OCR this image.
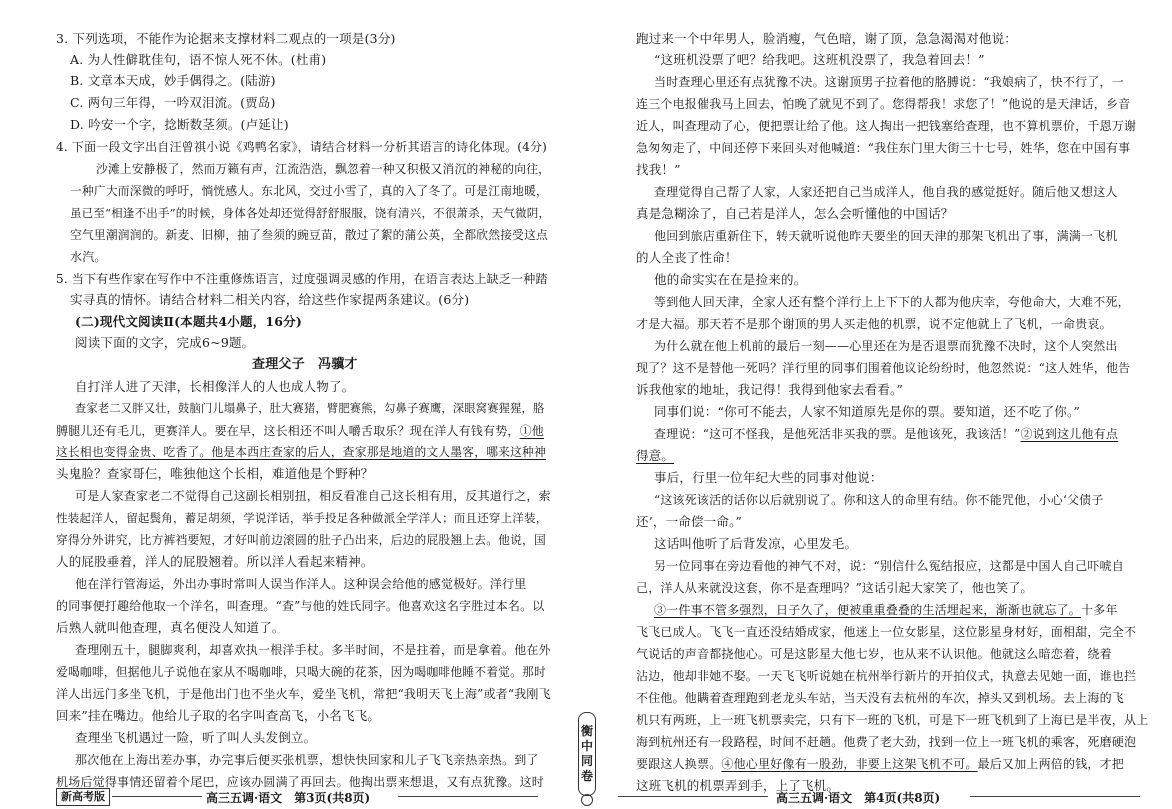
3. 下列选项，不能作为论据来支撑材料二观点的一项是(3分)
A. 为人性僻耽佳句，语不惊人死不休。(杜甫)
B. 文章本天成，妙手偶得之。(陆游)
C. 两句三年得，一吟双泪流。(贾岛)
D. 吟安一个字，捻断数茎须。(卢延让)
4. 下面一段文字出自汪曾祺小说《鸡鸭名家》，请结合材料一分析其语言的诗化体现。(4分)
沙滩上安静极了，然而万籁有声，江流浩浩，飘忽着一种又积极又消沉的神秘的向往，
一种广大而深微的呼吁，惝恍感人。东北风，交过小雪了，真的入了冬了。可是江南地暖，
虽已至“相逢不出手”的时候，身体各处却还觉得舒舒服服，饶有清兴，不很萧杀，天气微阴，
空气里潮润润的。新麦、旧柳，抽了叁须的豌豆苗，散过了絮的蒲公英，全都欣然接受这点
水汽。
5. 当下有些作家在写作中不注重修炼语言，过度强调灵感的作用，在语言表达上缺乏一种踏
实寻真的情怀。请结合材料二相关内容，给这些作家提两条建议。(6分)
(二)现代文阅读Ⅱ(本题共4小题，16分)
阅读下面的文字，完成6~9题。
查理父子　冯骥才
自打洋人进了天津，长相像洋人的人也成人物了。
查家老二又胖又壮，鼓脑门儿塌鼻子，肚大赛猪，臂肥赛熊，勾鼻子赛鹰，深眼窝赛猩猩，胳
膊腿儿还有毛儿，更赛洋人。要在早，这长相还不叫人嚼舌取乐？现在洋人有钱有势，①他
这长相也变得金贵、吃香了。他是本西庄查家的后人，查家那是地道的文人墨客，哪来这种神
头鬼脸？查家哥仨，唯独他这个长相，难道他是个野种？
可是人家查家老二不觉得自己这副长相别扭，相反看准自己这长相有用，反其道行之，索
性装起洋人，留起鬓角，蓄足胡须，学说洋话，举手投足各种做派全学洋人；而且还穿上洋装，
穿得分外讲究，比方裤裆要短，才好叫前边滚圆的肚子凸出来，后边的屁股翘上去。他说，国
人的屁股垂着，洋人的屁股翘着。所以洋人看起来精神。
他在洋行管海运，外出办事时常叫人误当作洋人。这种误会给他的感觉极好。洋行里
的同事便打趣给他取一个洋名，叫查理。“查”与他的姓氏同字。他喜欢这名字胜过本名。以
后熟人就叫他查理，真名便没人知道了。
查理刚五十，腿脚爽利，却喜欢执一根洋手杖。多半时间，不是拄着，而是拿着。他在外
爱喝咖啡，但据他儿子说他在家从不喝咖啡，只喝大碗的花茶，因为喝咖啡他睡不着觉。那时
洋人出远门多坐飞机，于是他出门也不坐火车，爱坐飞机，常把“我明天飞上海”或者“我刚飞
回来”挂在嘴边。他给儿子取的名字叫查高飞，小名飞飞。
查理坐飞机遇过一险，听了叫人头发倒立。
那次他在上海出差办事，办完事后便买张机票，想快快回家和儿子飞飞亲热亲热。到了
机场后觉得事情还留着个尾巴，应该办圆满了再回去。他掏出票来想退，又有点犹豫。这时
新高考版	高三五调·语文　第3页(共8页)
衡
中
同
卷
跑过来一个中年男人，脸消瘦，气色暗，谢了顶，急急渴渴对他说：
“这班机没票了吧？给我吧。这班机没票了，我急着回去！”
当时查理心里还有点犹豫不决。这谢顶男子拉着他的胳膊说：“我娘病了，快不行了，一
连三个电报催我马上回去，怕晚了就见不到了。您得帮我！求您了！”他说的是天津话，乡音
近人，叫查理动了心，便把票让给了他。这人掏出一把钱塞给查理，也不算机票价，千恩万谢
急匆匆走了，中间还停下来回头对他喊道：“我住东门里大街三十七号，姓华，您在中国有事
找我！”
查理觉得自己帮了人家，人家还把自己当成洋人，他自我的感觉挺好。随后他又想这人
真是急糊涂了，自己若是洋人，怎么会听懂他的中国话？
他回到旅店重新住下，转天就听说他昨天要坐的回天津的那架飞机出了事，满满一飞机
的人全丧了性命！
他的命实实在在是捡来的。
等到他人回天津，全家人还有整个洋行上上下下的人都为他庆幸，夸他命大，大难不死，
才是大福。那天若不是那个谢顶的男人买走他的机票，说不定他就上了飞机，一命贵哀。
为什么就在他上机前的最后一刻——心里还在为是否退票而犹豫不决时，这个人突然出
现了？这不是替他一死吗？洋行里的同事们围着他议论纷纷时，他忽然说：“这人姓华，他告
诉我他家的地址，我记得！我得到他家去看看。”
同事们说：“你可不能去，人家不知道原先是你的票。要知道，还不吃了你。”
查理说：“这可不怪我，是他死活非买我的票。是他该死，我该活！”②说到这儿他有点
得意。
事后，行里一位年纪大些的同事对他说：
“这该死该活的话你以后就别说了。你和这人的命里有结。你不能咒他，小心‘父债子
还’，一命偿一命。”
这话叫他听了后背发凉，心里发毛。
另一位同事在旁边看他的神气不对，说：“别信什么冤结报应，这都是中国人自己吓唬自
己，洋人从来就没这套，你不是查理吗？”这话引起大家笑了，他也笑了。
③一件事不管多强烈，日子久了，便被重重叠叠的生活埋起来，渐渐也就忘了。十多年
飞飞已成人。飞飞一直还没结婚成家，他迷上一位女影星，这位影星身材好，面相甜，完全不
气说话的声音都挠他心。可是这影星大他七岁，也从来不认识他。他就这么暗恋着，绕着
沾边，他却非她不娶。一天飞飞听说她在杭州举行新片的开拍仪式，执意去见她一面，谁也拦
不住他。他瞒着查理跑到老龙头车站，当天没有去杭州的车次，掉头又到机场。去上海的飞
机只有两班，上一班飞机票卖完，只有下一班的飞机，可是下一班飞机到了上海已是半夜，从上
海到杭州还有一段路程，时间不赶趟。他费了老大劲，找到一位上一班飞机的乘客，死磨硬泡
要跟这人换票。④他心里好像有一股劲，非要上这架飞机不可。最后又加上两倍的钱，才把
这班飞机的机票弄到手，上了飞机。
高三五调·语文　第4页(共8页)
